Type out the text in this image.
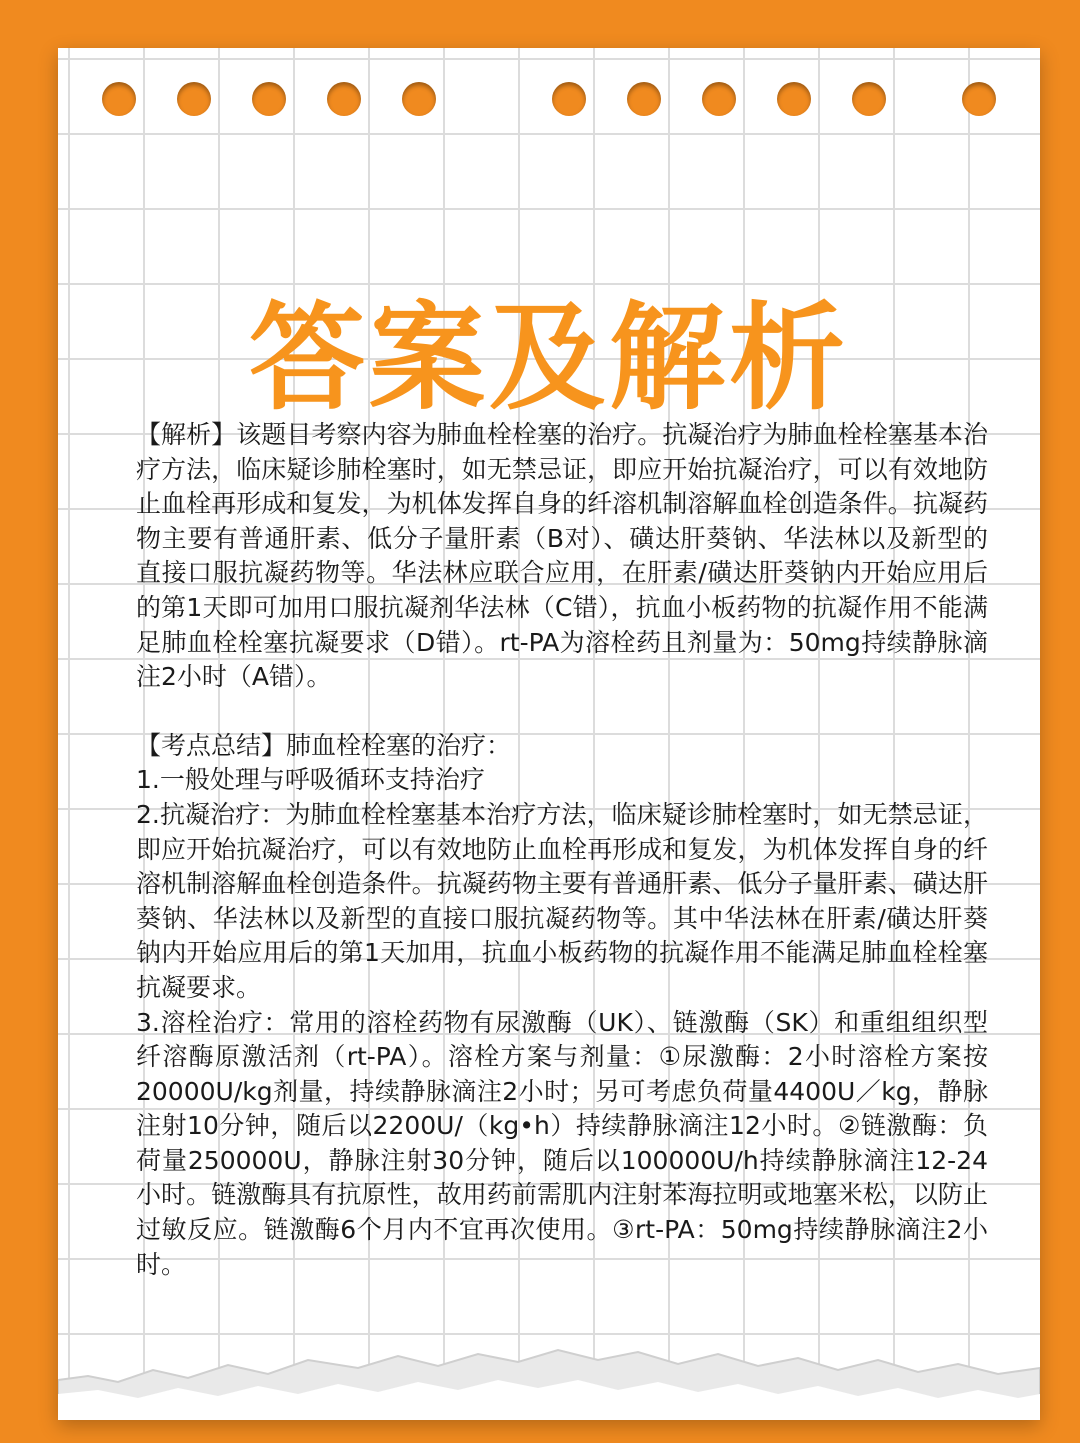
答案及解析

【解析】该题目考察内容为肺血栓栓塞的治疗。抗凝治疗为肺血栓栓塞基本治疗方法，临床疑诊肺栓塞时，如无禁忌证，即应开始抗凝治疗，可以有效地防止血栓再形成和复发，为机体发挥自身的纤溶机制溶解血栓创造条件。抗凝药物主要有普通肝素、低分子量肝素（B对）、磺达肝葵钠、华法林以及新型的直接口服抗凝药物等。华法林应联合应用，在肝素/磺达肝葵钠内开始应用后的第1天即可加用口服抗凝剂华法林（C错），抗血小板药物的抗凝作用不能满足肺血栓栓塞抗凝要求（D错）。rt-PA为溶栓药且剂量为：50mg持续静脉滴注2小时（A错）。

【考点总结】肺血栓栓塞的治疗：

1.一般处理与呼吸循环支持治疗

2.抗凝治疗：为肺血栓栓塞基本治疗方法，临床疑诊肺栓塞时，如无禁忌证，即应开始抗凝治疗，可以有效地防止血栓再形成和复发，为机体发挥自身的纤溶机制溶解血栓创造条件。抗凝药物主要有普通肝素、低分子量肝素、磺达肝葵钠、华法林以及新型的直接口服抗凝药物等。其中华法林在肝素/磺达肝葵钠内开始应用后的第1天加用，抗血小板药物的抗凝作用不能满足肺血栓栓塞抗凝要求。

3.溶栓治疗：常用的溶栓药物有尿激酶（UK）、链激酶（SK）和重组组织型纤溶酶原激活剂（rt-PA）。溶栓方案与剂量：①尿激酶：2小时溶栓方案按20000U/kg剂量，持续静脉滴注2小时；另可考虑负荷量4400U／kg，静脉注射10分钟，随后以2200U/（kg•h）持续静脉滴注12小时。②链激酶：负荷量250000U，静脉注射30分钟，随后以100000U/h持续静脉滴注12-24小时。链激酶具有抗原性，故用药前需肌内注射苯海拉明或地塞米松，以防止过敏反应。链激酶6个月内不宜再次使用。③rt-PA：50mg持续静脉滴注2小时。
